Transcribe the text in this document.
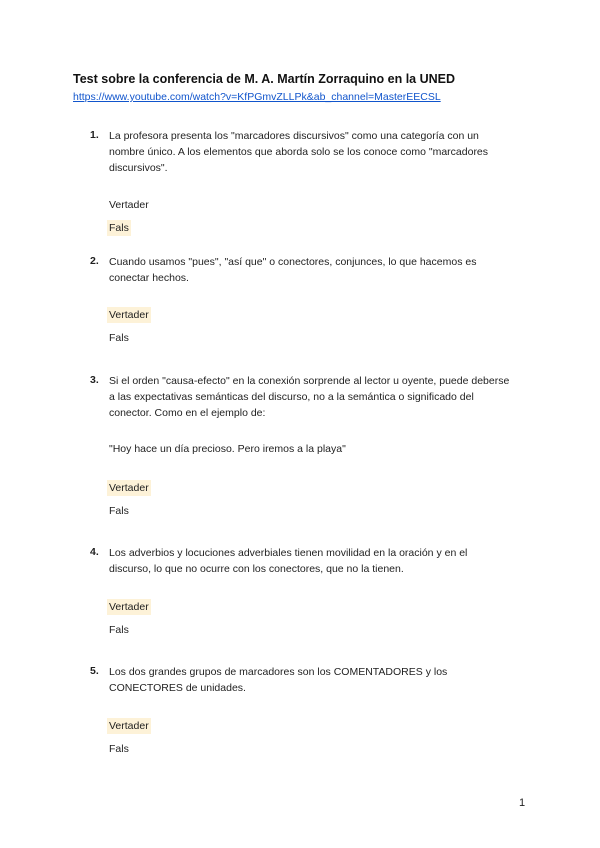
Test sobre la conferencia de M. A. Martín Zorraquino en la UNED
https://www.youtube.com/watch?v=KfPGmvZLLPk&ab_channel=MasterEECSL
1. La profesora presenta los "marcadores discursivos" como una categoría con un
nombre único. A los elementos que aborda solo se los conoce como "marcadores
discursivos".
Vertader
Fals
2. Cuando usamos "pues", "así que" o conectores, conjunces, lo que hacemos es
conectar hechos.
Vertader
Fals
3. Si el orden "causa-efecto" en la conexión sorprende al lector u oyente, puede deberse
a las expectativas semánticas del discurso, no a la semántica o significado del
conector. Como en el ejemplo de:
"Hoy hace un día precioso. Pero iremos a la playa"
Vertader
Fals
4. Los adverbios y locuciones adverbiales tienen movilidad en la oración y en el
discurso, lo que no ocurre con los conectores, que no la tienen.
Vertader
Fals
5. Los dos grandes grupos de marcadores son los COMENTADORES y los
CONECTORES de unidades.
Vertader
Fals
1
